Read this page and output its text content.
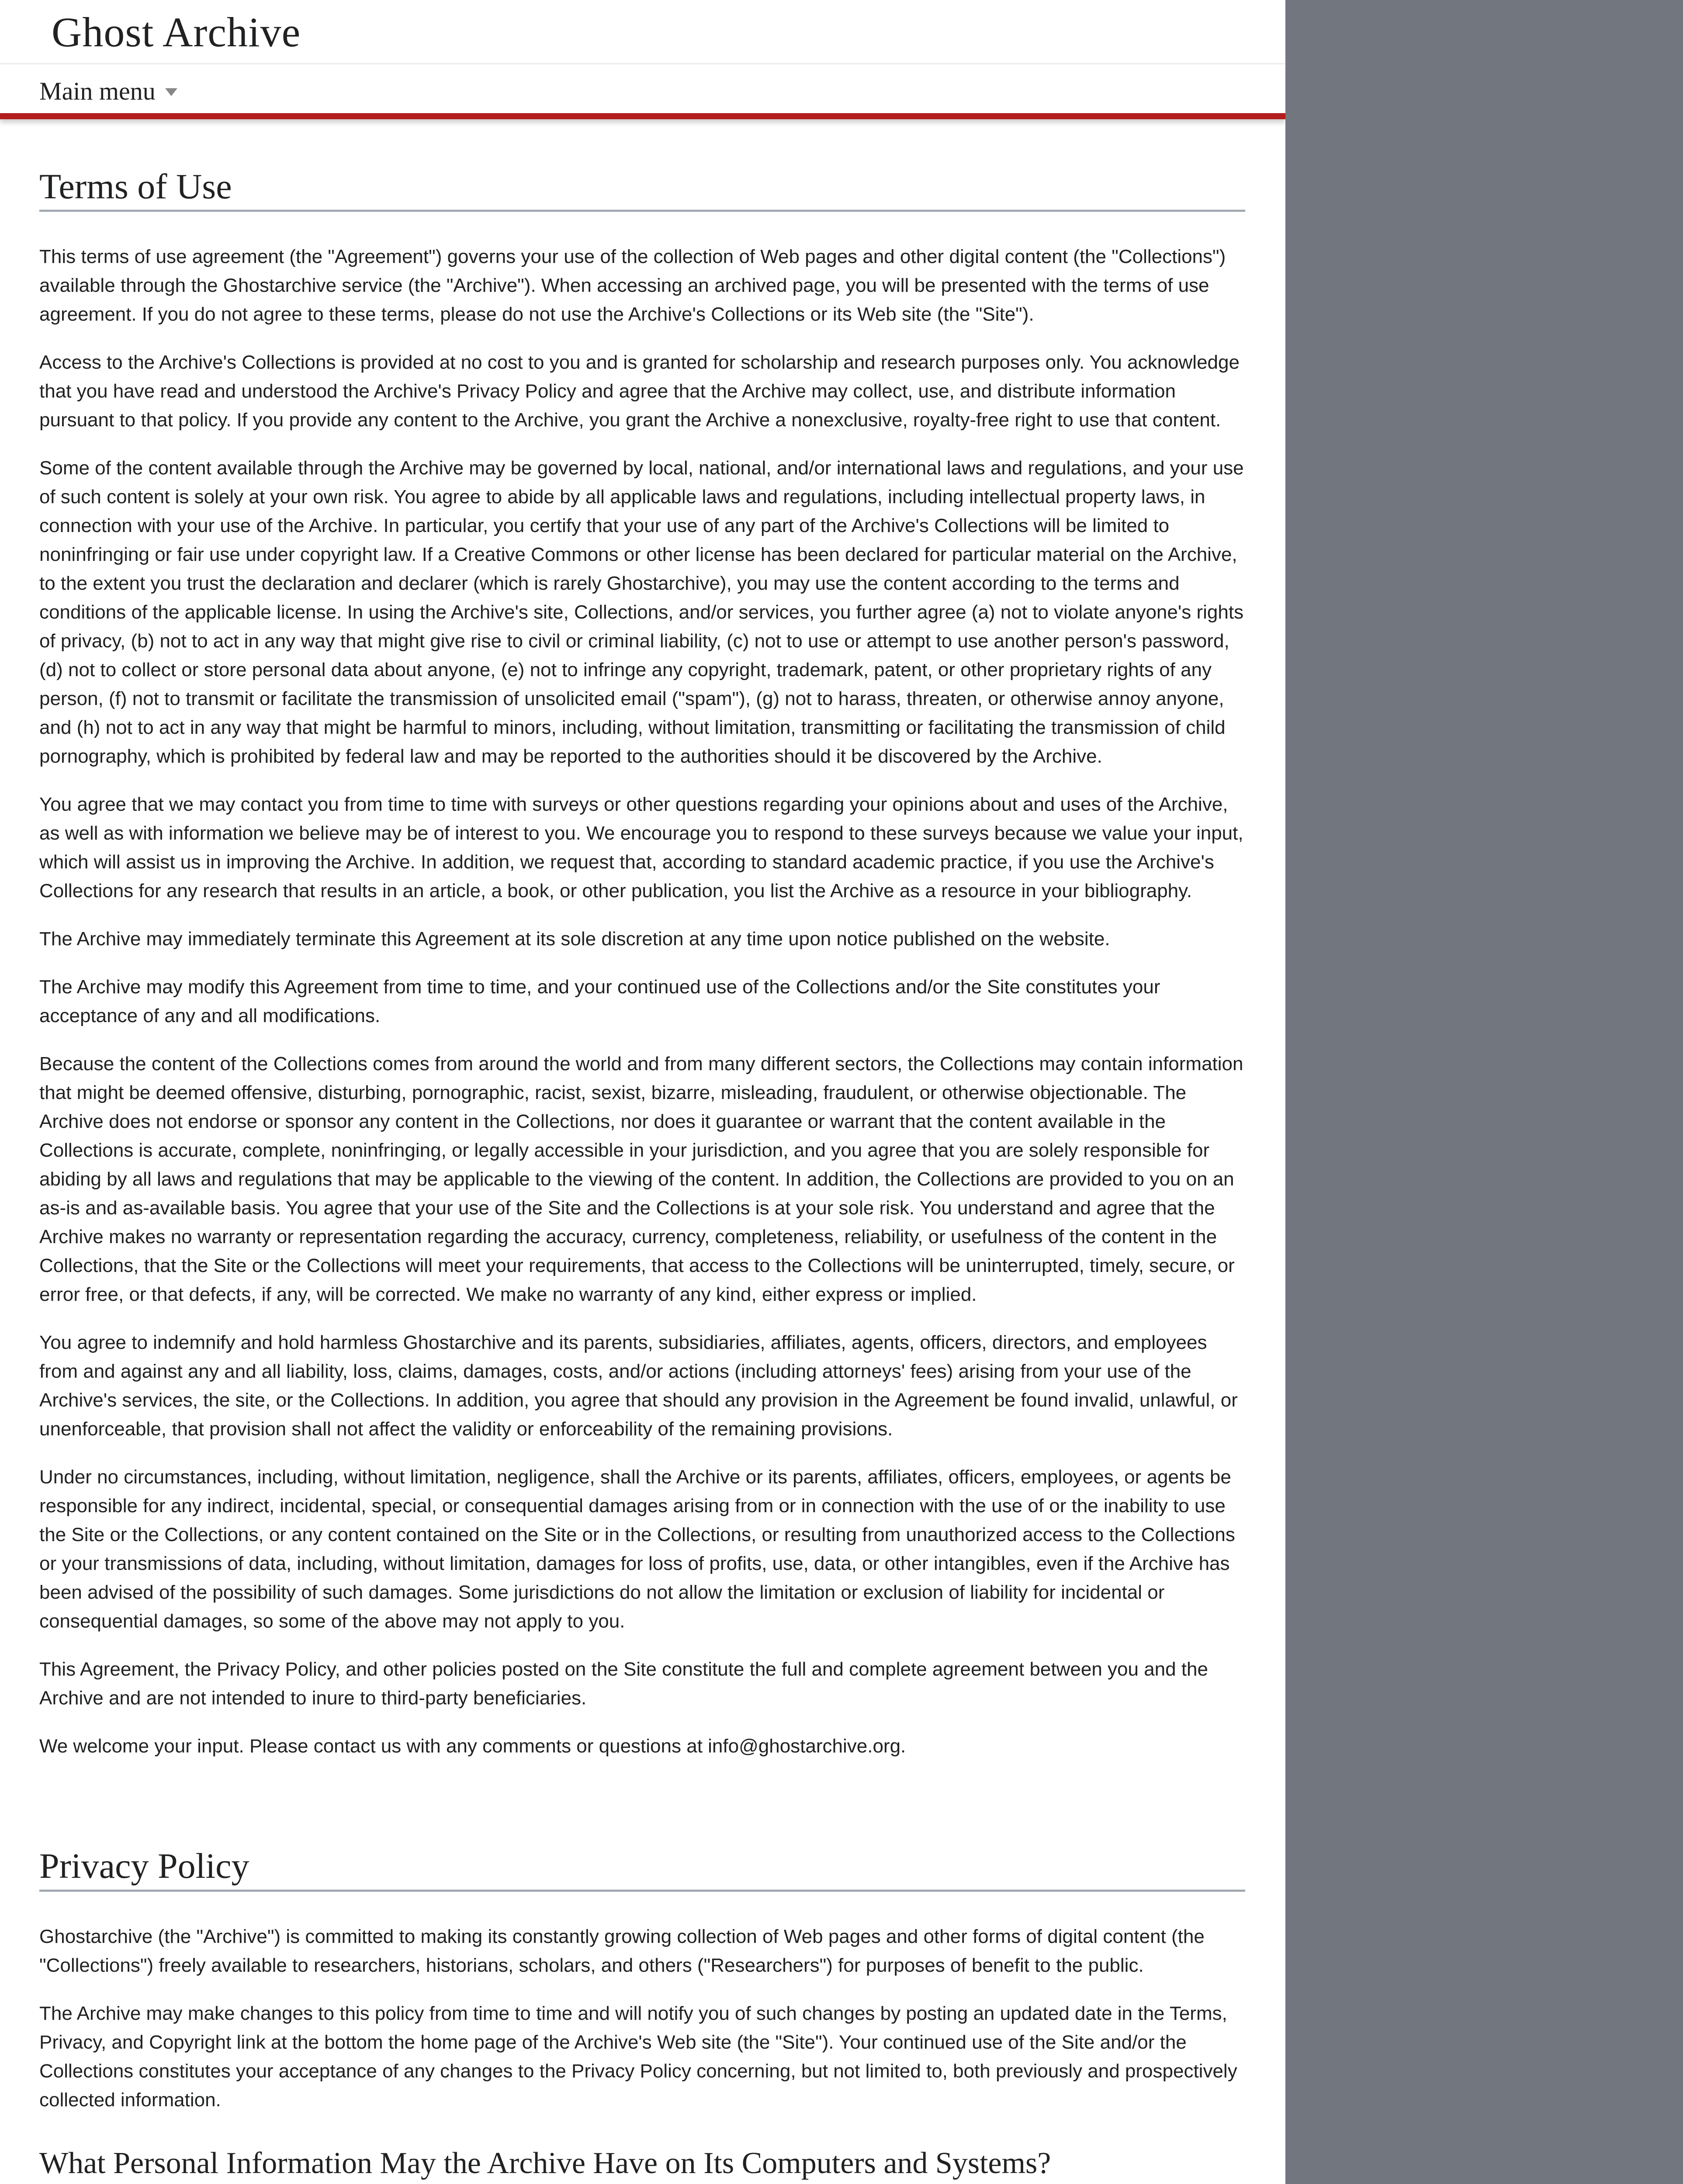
Ghost Archive
Main menu
Terms of Use

This terms of use agreement (the "Agreement") governs your use of the collection of Web pages and other digital content (the "Collections") available through the Ghostarchive service (the "Archive"). When accessing an archived page, you will be presented with the terms of use agreement. If you do not agree to these terms, please do not use the Archive's Collections or its Web site (the "Site").

Access to the Archive's Collections is provided at no cost to you and is granted for scholarship and research purposes only. You acknowledge that you have read and understood the Archive's Privacy Policy and agree that the Archive may collect, use, and distribute information pursuant to that policy. If you provide any content to the Archive, you grant the Archive a nonexclusive, royalty-free right to use that content.

Some of the content available through the Archive may be governed by local, national, and/or international laws and regulations, and your use of such content is solely at your own risk. You agree to abide by all applicable laws and regulations, including intellectual property laws, in connection with your use of the Archive. In particular, you certify that your use of any part of the Archive's Collections will be limited to noninfringing or fair use under copyright law. If a Creative Commons or other license has been declared for particular material on the Archive, to the extent you trust the declaration and declarer (which is rarely Ghostarchive), you may use the content according to the terms and conditions of the applicable license. In using the Archive's site, Collections, and/or services, you further agree (a) not to violate anyone's rights of privacy, (b) not to act in any way that might give rise to civil or criminal liability, (c) not to use or attempt to use another person's password, (d) not to collect or store personal data about anyone, (e) not to infringe any copyright, trademark, patent, or other proprietary rights of any person, (f) not to transmit or facilitate the transmission of unsolicited email ("spam"), (g) not to harass, threaten, or otherwise annoy anyone, and (h) not to act in any way that might be harmful to minors, including, without limitation, transmitting or facilitating the transmission of child pornography, which is prohibited by federal law and may be reported to the authorities should it be discovered by the Archive.

You agree that we may contact you from time to time with surveys or other questions regarding your opinions about and uses of the Archive, as well as with information we believe may be of interest to you. We encourage you to respond to these surveys because we value your input, which will assist us in improving the Archive. In addition, we request that, according to standard academic practice, if you use the Archive's Collections for any research that results in an article, a book, or other publication, you list the Archive as a resource in your bibliography.

The Archive may immediately terminate this Agreement at its sole discretion at any time upon notice published on the website.

The Archive may modify this Agreement from time to time, and your continued use of the Collections and/or the Site constitutes your acceptance of any and all modifications.

Because the content of the Collections comes from around the world and from many different sectors, the Collections may contain information that might be deemed offensive, disturbing, pornographic, racist, sexist, bizarre, misleading, fraudulent, or otherwise objectionable. The Archive does not endorse or sponsor any content in the Collections, nor does it guarantee or warrant that the content available in the Collections is accurate, complete, noninfringing, or legally accessible in your jurisdiction, and you agree that you are solely responsible for abiding by all laws and regulations that may be applicable to the viewing of the content. In addition, the Collections are provided to you on an as-is and as-available basis. You agree that your use of the Site and the Collections is at your sole risk. You understand and agree that the Archive makes no warranty or representation regarding the accuracy, currency, completeness, reliability, or usefulness of the content in the Collections, that the Site or the Collections will meet your requirements, that access to the Collections will be uninterrupted, timely, secure, or error free, or that defects, if any, will be corrected. We make no warranty of any kind, either express or implied.

You agree to indemnify and hold harmless Ghostarchive and its parents, subsidiaries, affiliates, agents, officers, directors, and employees from and against any and all liability, loss, claims, damages, costs, and/or actions (including attorneys' fees) arising from your use of the Archive's services, the site, or the Collections. In addition, you agree that should any provision in the Agreement be found invalid, unlawful, or unenforceable, that provision shall not affect the validity or enforceability of the remaining provisions.

Under no circumstances, including, without limitation, negligence, shall the Archive or its parents, affiliates, officers, employees, or agents be responsible for any indirect, incidental, special, or consequential damages arising from or in connection with the use of or the inability to use the Site or the Collections, or any content contained on the Site or in the Collections, or resulting from unauthorized access to the Collections or your transmissions of data, including, without limitation, damages for loss of profits, use, data, or other intangibles, even if the Archive has been advised of the possibility of such damages. Some jurisdictions do not allow the limitation or exclusion of liability for incidental or consequential damages, so some of the above may not apply to you.

This Agreement, the Privacy Policy, and other policies posted on the Site constitute the full and complete agreement between you and the Archive and are not intended to inure to third-party beneficiaries.

We welcome your input. Please contact us with any comments or questions at info@ghostarchive.org.

Privacy Policy

Ghostarchive (the "Archive") is committed to making its constantly growing collection of Web pages and other forms of digital content (the "Collections") freely available to researchers, historians, scholars, and others ("Researchers") for purposes of benefit to the public.

The Archive may make changes to this policy from time to time and will notify you of such changes by posting an updated date in the Terms, Privacy, and Copyright link at the bottom the home page of the Archive's Web site (the "Site"). Your continued use of the Site and/or the Collections constitutes your acceptance of any changes to the Privacy Policy concerning, but not limited to, both previously and prospectively collected information.

What Personal Information May the Archive Have on Its Computers and Systems?
